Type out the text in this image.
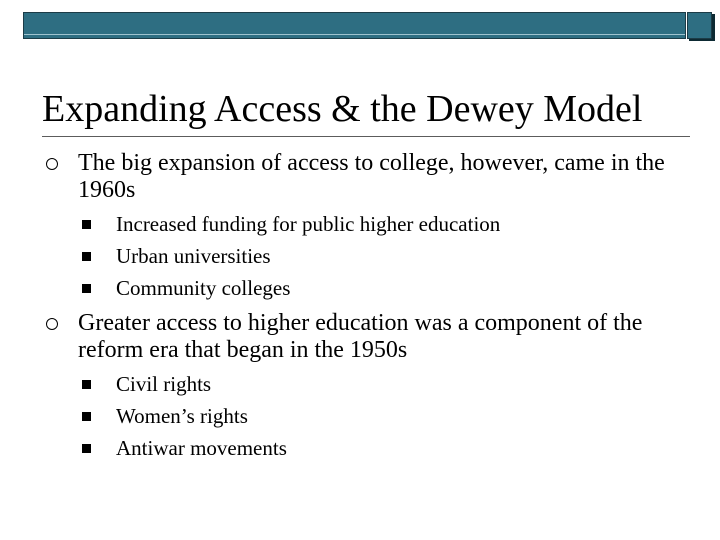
Expanding Access & the Dewey Model
The big expansion of access to college, however, came in the 1960s
Increased funding for public higher education
Urban universities
Community colleges
Greater access to higher education was a component of the reform era that began in the 1950s
Civil rights
Women’s rights
Antiwar movements
